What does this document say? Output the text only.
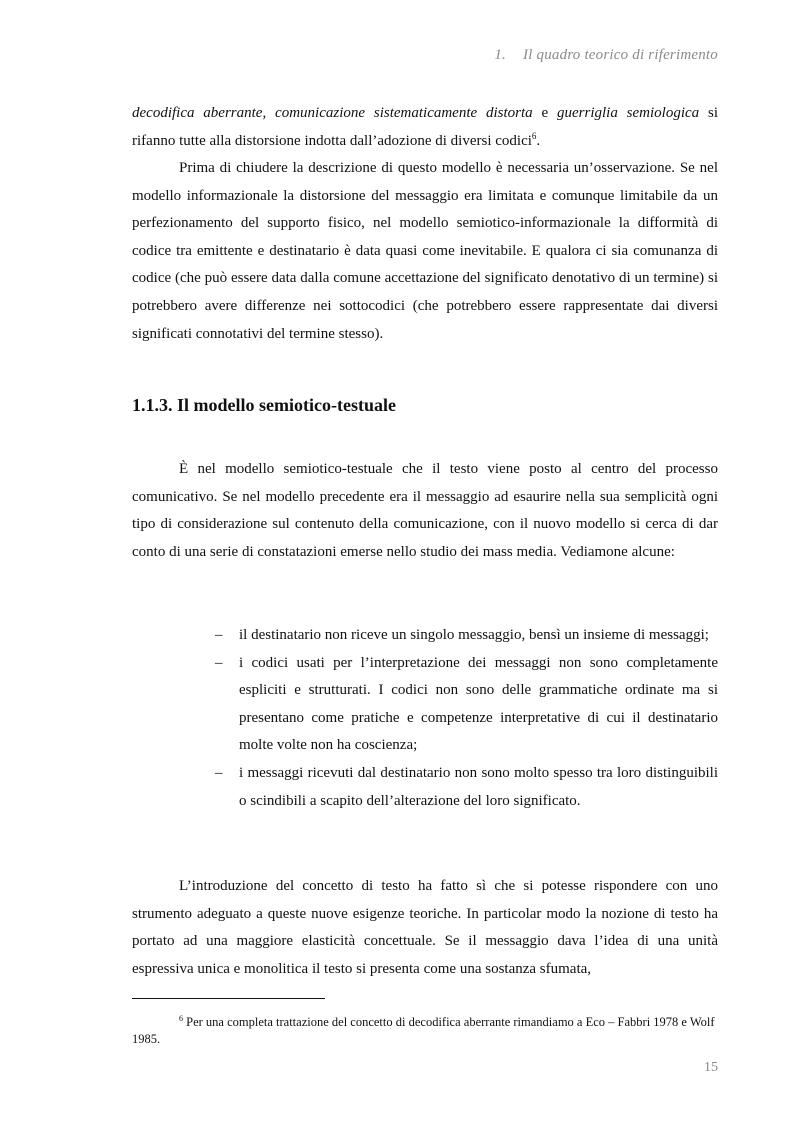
1. Il quadro teorico di riferimento

decodifica aberrante, comunicazione sistematicamente distorta e guerriglia semiologica si rifanno tutte alla distorsione indotta dall’adozione di diversi codici$^6$.

Prima di chiudere la descrizione di questo modello è necessaria un’osservazione. Se nel modello informazionale la distorsione del messaggio era limitata e comunque limitabile da un perfezionamento del supporto fisico, nel modello semiotico-informazionale la difformità di codice tra emittente e destinatario è data quasi come inevitabile. E qualora ci sia comunanza di codice (che può essere data dalla comune accettazione del significato denotativo di un termine) si potrebbero avere differenze nei sottocodici (che potrebbero essere rappresentate dai diversi significati connotativi del termine stesso).

1.1.3. Il modello semiotico-testuale

È nel modello semiotico-testuale che il testo viene posto al centro del processo comunicativo. Se nel modello precedente era il messaggio ad esaurire nella sua semplicità ogni tipo di considerazione sul contenuto della comunicazione, con il nuovo modello si cerca di dar conto di una serie di constatazioni emerse nello studio dei mass media. Vediamone alcune:

– il destinatario non riceve un singolo messaggio, bensì un insieme di messaggi;
– i codici usati per l’interpretazione dei messaggi non sono completamente espliciti e strutturati. I codici non sono delle grammatiche ordinate ma si presentano come pratiche e competenze interpretative di cui il destinatario molte volte non ha coscienza;
– i messaggi ricevuti dal destinatario non sono molto spesso tra loro distinguibili o scindibili a scapito dell’alterazione del loro significato.

L’introduzione del concetto di testo ha fatto sì che si potesse rispondere con uno strumento adeguato a queste nuove esigenze teoriche. In particolar modo la nozione di testo ha portato ad una maggiore elasticità concettuale. Se il messaggio dava l’idea di una unità espressiva unica e monolitica il testo si presenta come una sostanza sfumata,

$^6$ Per una completa trattazione del concetto di decodifica aberrante rimandiamo a Eco – Fabbri 1978 e Wolf 1985.

15
